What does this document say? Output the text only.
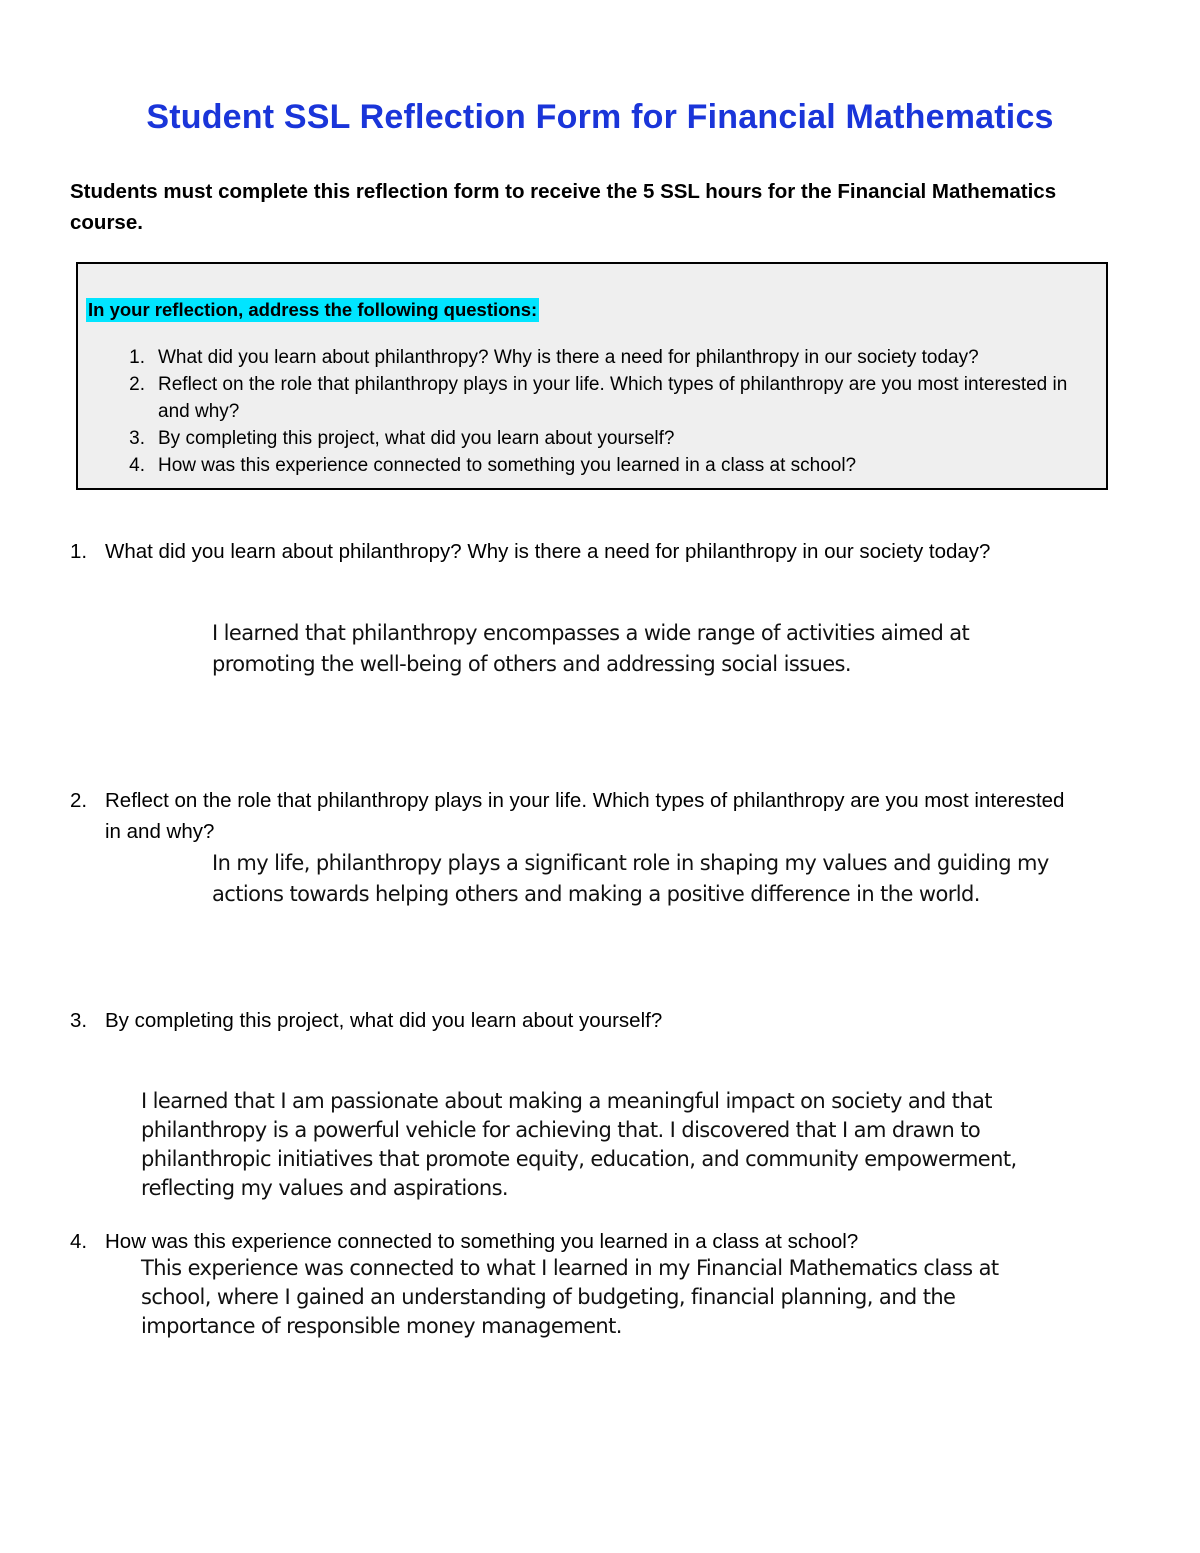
Student SSL Reflection Form for Financial Mathematics

Students must complete this reflection form to receive the 5 SSL hours for the Financial Mathematics course.

In your reflection, address the following questions:

1. What did you learn about philanthropy? Why is there a need for philanthropy in our society today?
2. Reflect on the role that philanthropy plays in your life. Which types of philanthropy are you most interested in and why?
3. By completing this project, what did you learn about yourself?
4. How was this experience connected to something you learned in a class at school?

1. What did you learn about philanthropy? Why is there a need for philanthropy in our society today?

I learned that philanthropy encompasses a wide range of activities aimed at promoting the well-being of others and addressing social issues.

2. Reflect on the role that philanthropy plays in your life. Which types of philanthropy are you most interested in and why?

In my life, philanthropy plays a significant role in shaping my values and guiding my actions towards helping others and making a positive difference in the world.

3. By completing this project, what did you learn about yourself?

I learned that I am passionate about making a meaningful impact on society and that philanthropy is a powerful vehicle for achieving that. I discovered that I am drawn to philanthropic initiatives that promote equity, education, and community empowerment, reflecting my values and aspirations.

4. How was this experience connected to something you learned in a class at school?

This experience was connected to what I learned in my Financial Mathematics class at school, where I gained an understanding of budgeting, financial planning, and the importance of responsible money management.
